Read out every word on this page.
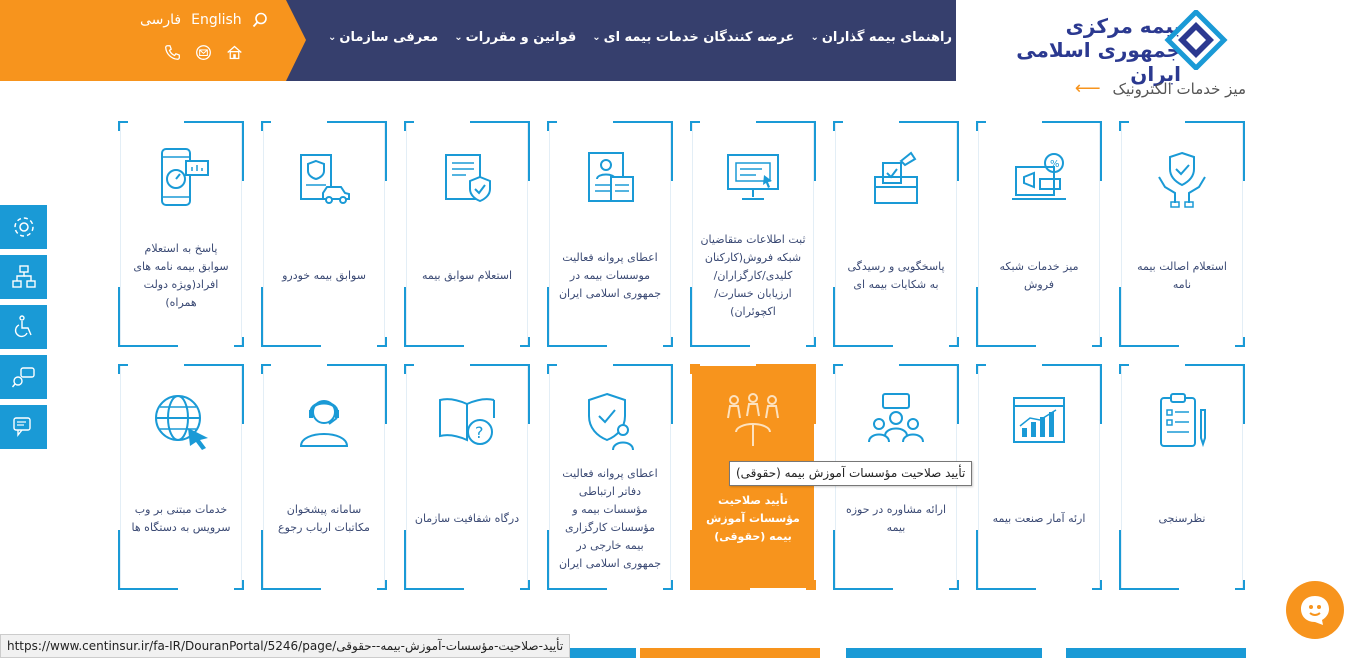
فارسی English
معرفی سازمان
⌄	قوانین و مقررات
⌄	عرضه کنندگان خدمات بیمه ای
⌄	راهنمای بیمه گذاران
⌄	بیمه مرکزی
جمهوری اسلامی ایران
میز خدمات الکترونیک
⟵
استعلام اصالت بیمه نامه
%
میز خدمات شبکه فروش
پاسخگویی و رسیدگی به شکایات بیمه ای
ثبت اطلاعات متقاضیان شبکه فروش(کارکنان کلیدی/کارگزاران/ ارزیابان خسارت/ اکچوئران)
اعطای پروانه فعالیت موسسات بیمه در جمهوری اسلامی ایران
استعلام سوابق بیمه
سوابق بیمه خودرو
پاسخ به استعلام سوابق بیمه نامه های افراد(ویژه دولت همراه)
نظرسنجی
ارئه آمار صنعت بیمه
ارائه مشاوره در حوزه بیمه
تأیید صلاحیت مؤسسات آموزش بیمه (حقوقی)
اعطای پروانه فعالیت دفاتر ارتباطی مؤسسات بیمه و مؤسسات کارگزاری بیمه خارجی در جمهوری اسلامی ایران
?
درگاه شفافیت سازمان
سامانه پیشخوان مکاتبات ارباب رجوع
خدمات مبتنی بر وب سرویس به دستگاه ها
تأیید صلاحیت مؤسسات آموزش بیمه (حقوقی)
https://www.centinsur.ir/fa-IR/DouranPortal/5246/page/تأیید-صلاحیت-مؤسسات-آموزش-بیمه--حقوقی
